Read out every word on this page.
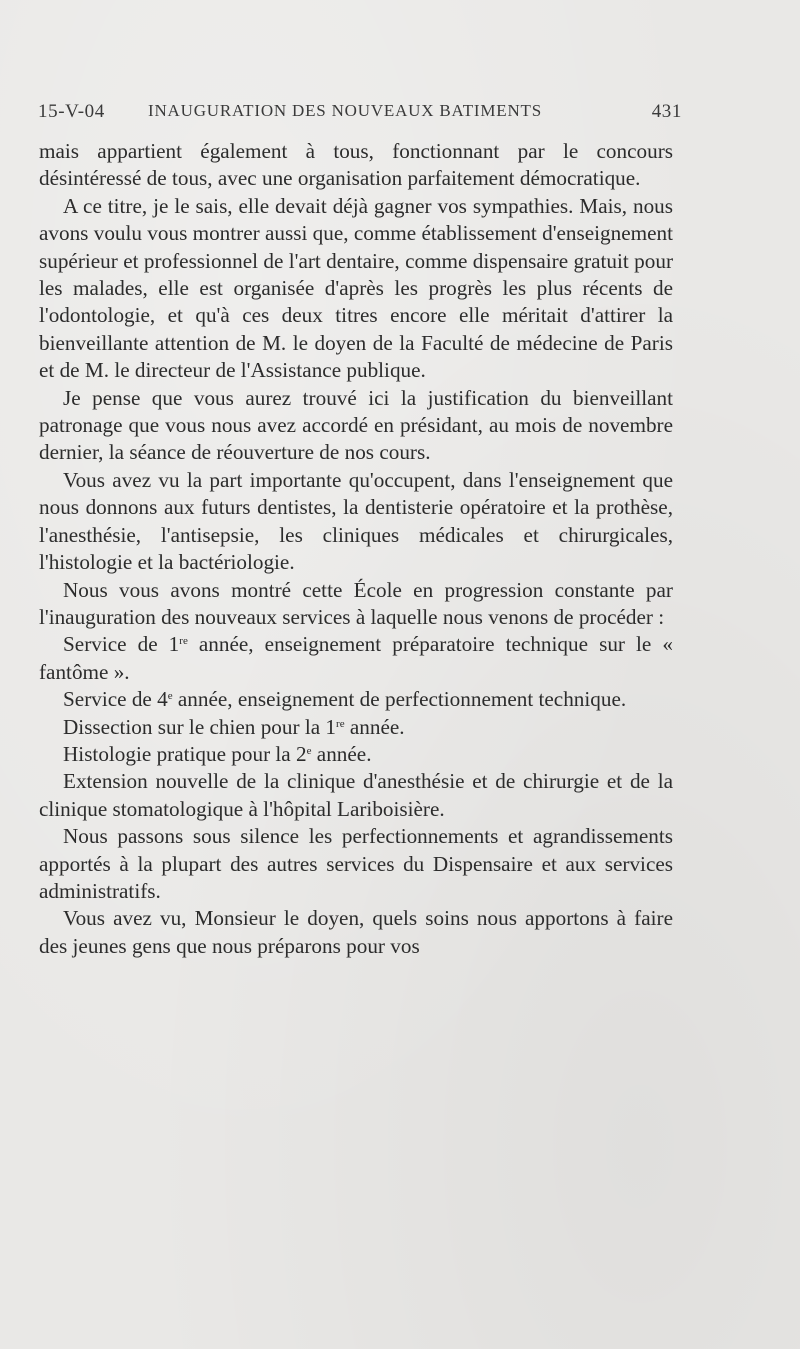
15-V-04	INAUGURATION DES NOUVEAUX BATIMENTS	431

mais appartient également à tous, fonctionnant par le concours désintéressé de tous, avec une organisation parfaitement démocratique.

A ce titre, je le sais, elle devait déjà gagner vos sympathies. Mais, nous avons voulu vous montrer aussi que, comme établissement d'enseignement supérieur et professionnel de l'art dentaire, comme dispensaire gratuit pour les malades, elle est organisée d'après les progrès les plus récents de l'odontologie, et qu'à ces deux titres encore elle méritait d'attirer la bienveillante attention de M. le doyen de la Faculté de médecine de Paris et de M. le directeur de l'Assistance publique.

Je pense que vous aurez trouvé ici la justification du bienveillant patronage que vous nous avez accordé en présidant, au mois de novembre dernier, la séance de réouverture de nos cours.

Vous avez vu la part importante qu'occupent, dans l'enseignement que nous donnons aux futurs dentistes, la dentisterie opératoire et la prothèse, l'anesthésie, l'antisepsie, les cliniques médicales et chirurgicales, l'histologie et la bactériologie.

Nous vous avons montré cette École en progression constante par l'inauguration des nouveaux services à laquelle nous venons de procéder :

Service de 1re année, enseignement préparatoire technique sur le « fantôme ».

Service de 4e année, enseignement de perfectionnement technique.

Dissection sur le chien pour la 1re année.

Histologie pratique pour la 2e année.

Extension nouvelle de la clinique d'anesthésie et de chirurgie et de la clinique stomatologique à l'hôpital Lariboisière.

Nous passons sous silence les perfectionnements et agrandissements apportés à la plupart des autres services du Dispensaire et aux services administratifs.

Vous avez vu, Monsieur le doyen, quels soins nous apportons à faire des jeunes gens que nous préparons pour vos
